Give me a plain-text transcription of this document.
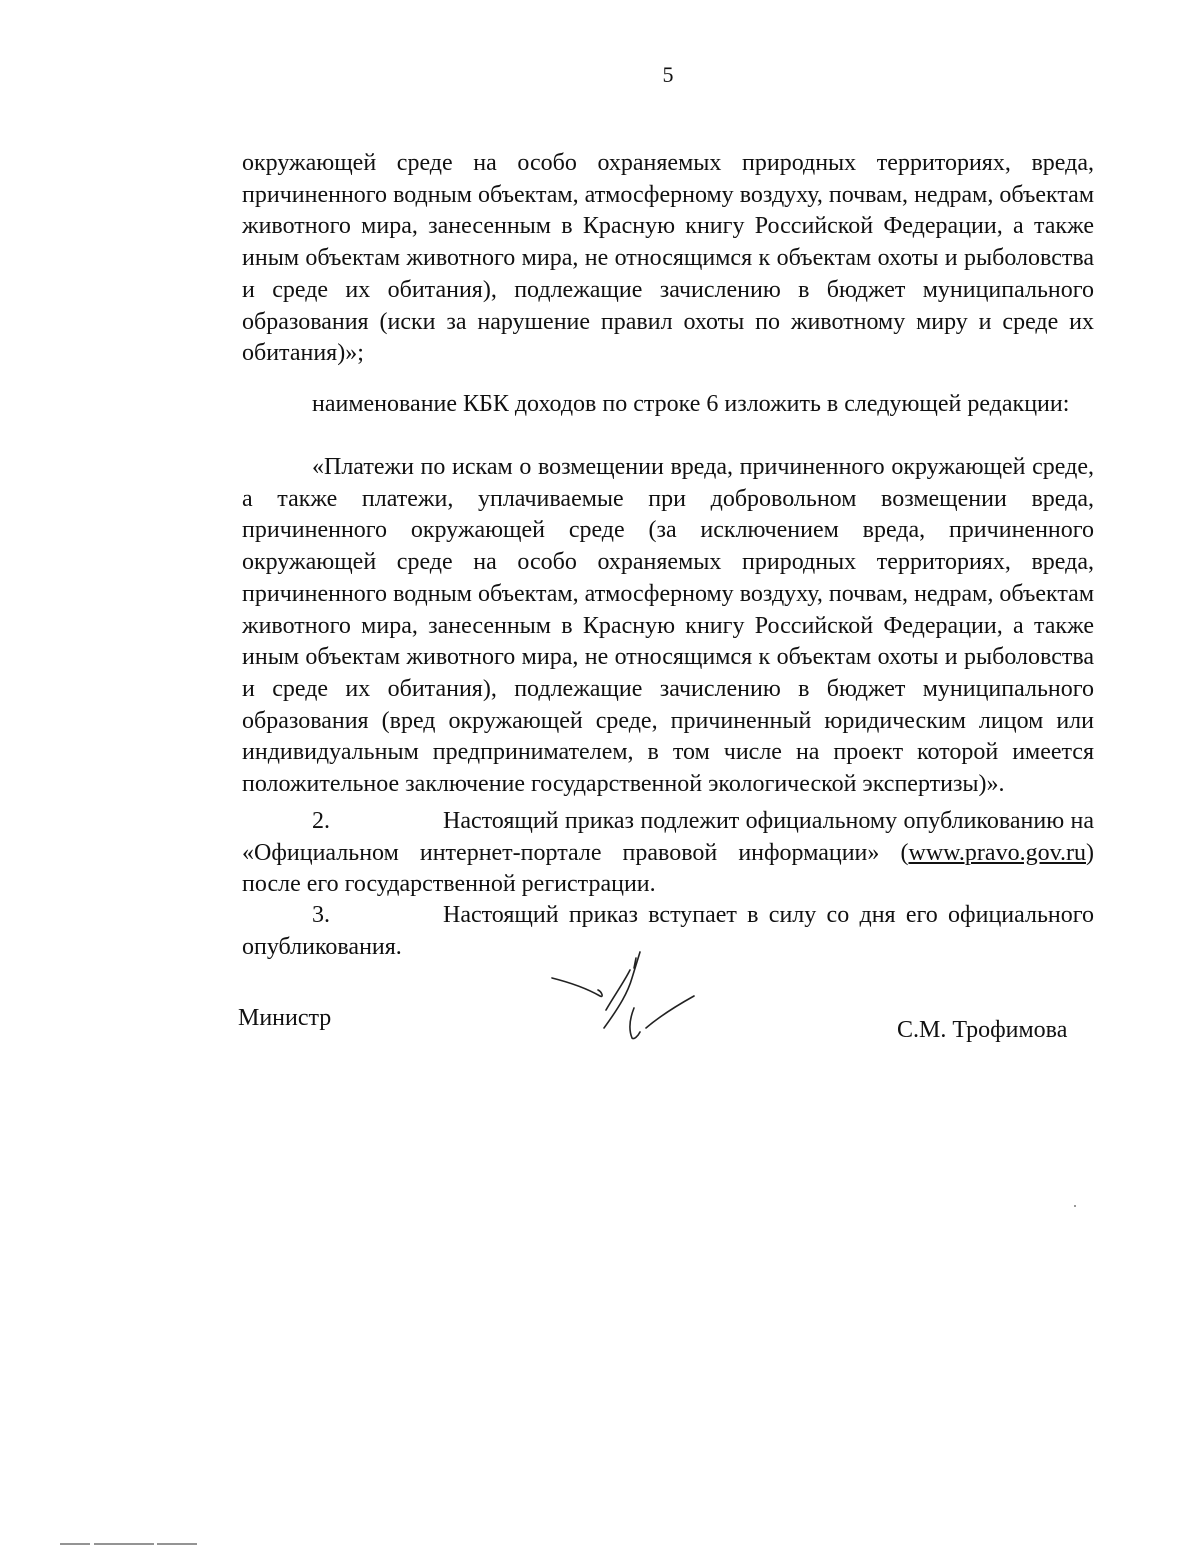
5

окружающей среде на особо охраняемых природных территориях, вреда, причиненного водным объектам, атмосферному воздуху, почвам, недрам, объектам животного мира, занесенным в Красную книгу Российской Федерации, а также иным объектам животного мира, не относящимся к объектам охоты и рыболовства и среде их обитания), подлежащие зачислению в бюджет муниципального образования (иски за нарушение правил охоты по животному миру и среде их обитания)»;

наименование КБК доходов по строке 6 изложить в следующей редакции:

«Платежи по искам о возмещении вреда, причиненного окружающей среде, а также платежи, уплачиваемые при добровольном возмещении вреда, причиненного окружающей среде (за исключением вреда, причиненного окружающей среде на особо охраняемых природных территориях, вреда, причиненного водным объектам, атмосферному воздуху, почвам, недрам, объектам животного мира, занесенным в Красную книгу Российской Федерации, а также иным объектам животного мира, не относящимся к объектам охоты и рыболовства и среде их обитания), подлежащие зачислению в бюджет муниципального образования (вред окружающей среде, причиненный юридическим лицом или индивидуальным предпринимателем, в том числе на проект которой имеется положительное заключение государственной экологической экспертизы)».

2.	Настоящий приказ подлежит официальному опубликованию на «Официальном интернет-портале правовой информации» (www.pravo.gov.ru) после его государственной регистрации.

3.	Настоящий приказ вступает в силу со дня его официального опубликования.

Министр	С.М. Трофимова
